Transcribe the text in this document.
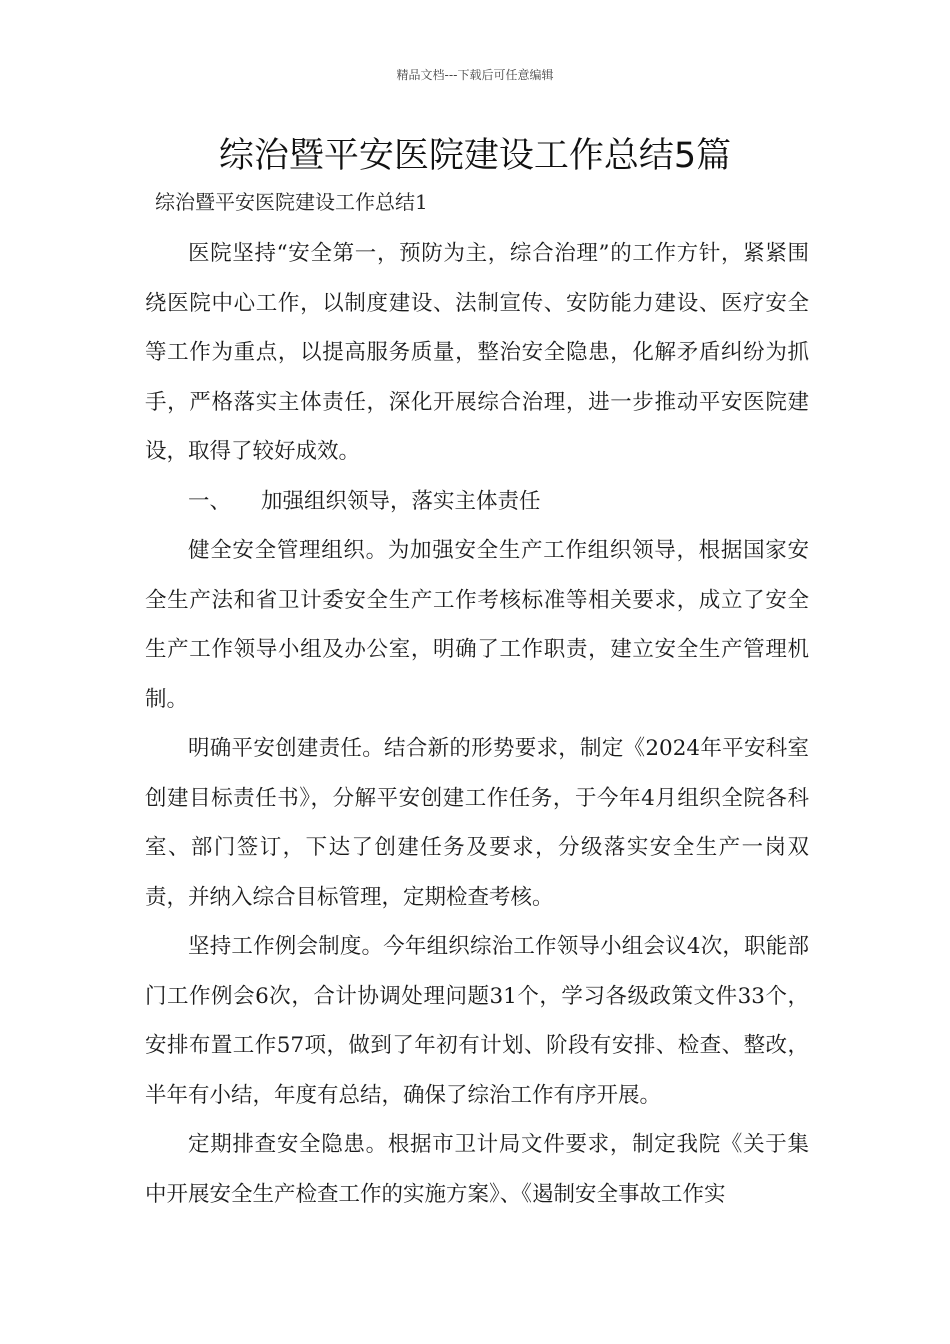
精品文档---下载后可任意编辑
综治暨平安医院建设工作总结5篇
综治暨平安医院建设工作总结1

医院坚持“安全第一，预防为主，综合治理”的工作方针，紧紧围绕医院中心工作，以制度建设、法制宣传、安防能力建设、医疗安全等工作为重点，以提高服务质量，整治安全隐患，化解矛盾纠纷为抓手，严格落实主体责任，深化开展综合治理，进一步推动平安医院建设，取得了较好成效。

一、 加强组织领导，落实主体责任

健全安全管理组织。为加强安全生产工作组织领导，根据国家安全生产法和省卫计委安全生产工作考核标准等相关要求，成立了安全生产工作领导小组及办公室，明确了工作职责，建立安全生产管理机制。

明确平安创建责任。结合新的形势要求，制定《2024年平安科室创建目标责任书》，分解平安创建工作任务，于今年4月组织全院各科室、部门签订，下达了创建任务及要求，分级落实安全生产一岗双责，并纳入综合目标管理，定期检查考核。

坚持工作例会制度。今年组织综治工作领导小组会议4次，职能部门工作例会6次，合计协调处理问题31个，学习各级政策文件33个，安排布置工作57项，做到了年初有计划、阶段有安排、检查、整改，半年有小结，年度有总结，确保了综治工作有序开展。

定期排查安全隐患。根据市卫计局文件要求，制定我院《关于集中开展安全生产检查工作的实施方案》、《遏制安全事故工作实
